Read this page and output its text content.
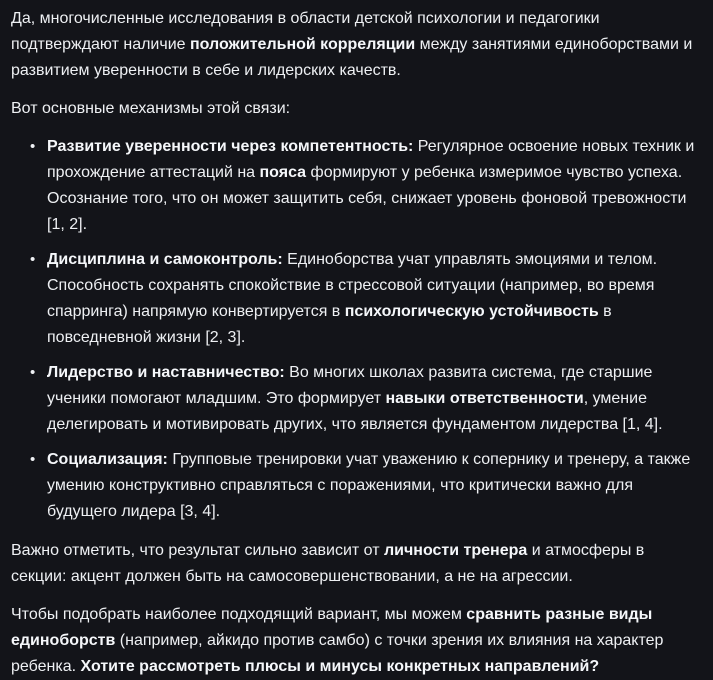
Да, многочисленные исследования в области детской психологии и педагогики подтверждают наличие положительной корреляции между занятиями единоборствами и развитием уверенности в себе и лидерских качеств.

Вот основные механизмы этой связи:

• Развитие уверенности через компетентность: Регулярное освоение новых техник и прохождение аттестаций на пояса формируют у ребенка измеримое чувство успеха. Осознание того, что он может защитить себя, снижает уровень фоновой тревожности [1, 2].
• Дисциплина и самоконтроль: Единоборства учат управлять эмоциями и телом. Способность сохранять спокойствие в стрессовой ситуации (например, во время спарринга) напрямую конвертируется в психологическую устойчивость в повседневной жизни [2, 3].
• Лидерство и наставничество: Во многих школах развита система, где старшие ученики помогают младшим. Это формирует навыки ответственности, умение делегировать и мотивировать других, что является фундаментом лидерства [1, 4].
• Социализация: Групповые тренировки учат уважению к сопернику и тренеру, а также умению конструктивно справляться с поражениями, что критически важно для будущего лидера [3, 4].

Важно отметить, что результат сильно зависит от личности тренера и атмосферы в секции: акцент должен быть на самосовершенствовании, а не на агрессии.

Чтобы подобрать наиболее подходящий вариант, мы можем сравнить разные виды единоборств (например, айкидо против самбо) с точки зрения их влияния на характер ребенка. Хотите рассмотреть плюсы и минусы конкретных направлений?
